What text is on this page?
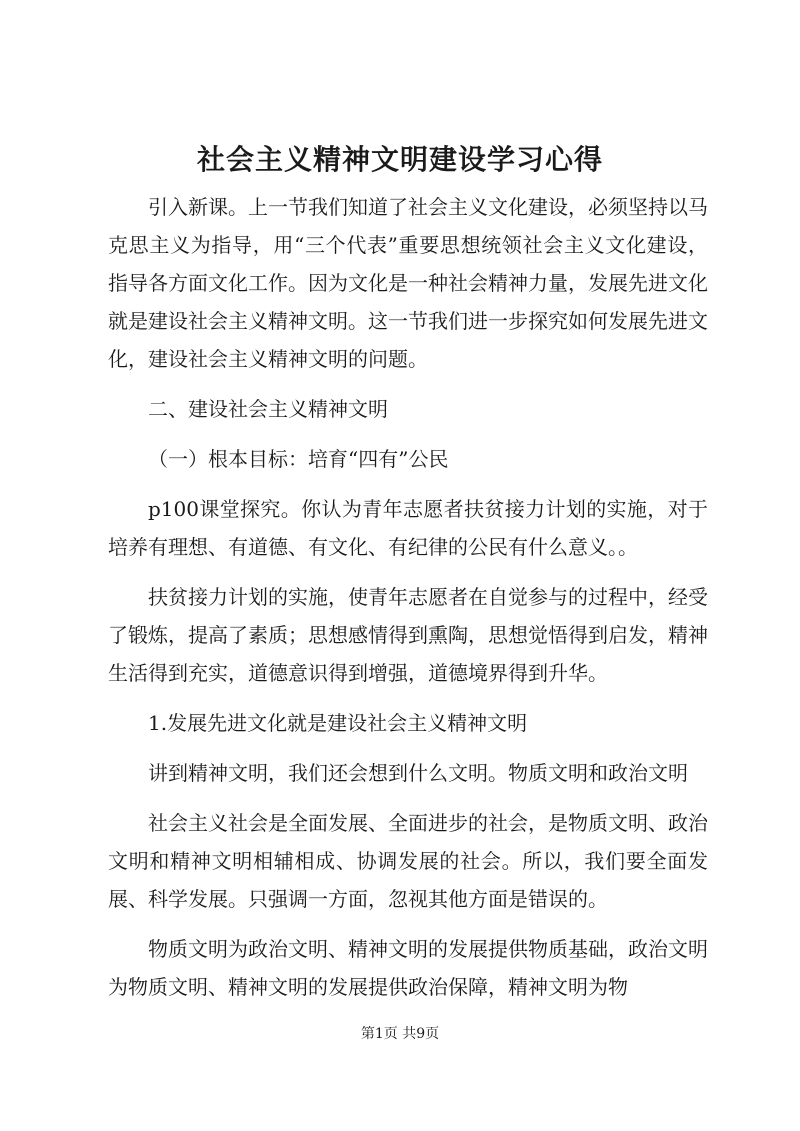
社会主义精神文明建设学习心得

引入新课。上一节我们知道了社会主义文化建设，必须坚持以马克思主义为指导，用“三个代表”重要思想统领社会主义文化建设，指导各方面文化工作。因为文化是一种社会精神力量，发展先进文化就是建设社会主义精神文明。这一节我们进一步探究如何发展先进文化，建设社会主义精神文明的问题。

二、建设社会主义精神文明

（一）根本目标：培育“四有”公民

p100课堂探究。你认为青年志愿者扶贫接力计划的实施，对于培养有理想、有道德、有文化、有纪律的公民有什么意义。。

扶贫接力计划的实施，使青年志愿者在自觉参与的过程中，经受了锻炼，提高了素质；思想感情得到熏陶，思想觉悟得到启发，精神生活得到充实，道德意识得到增强，道德境界得到升华。

1.发展先进文化就是建设社会主义精神文明

讲到精神文明，我们还会想到什么文明。物质文明和政治文明

社会主义社会是全面发展、全面进步的社会，是物质文明、政治文明和精神文明相辅相成、协调发展的社会。所以，我们要全面发展、科学发展。只强调一方面，忽视其他方面是错误的。

物质文明为政治文明、精神文明的发展提供物质基础，政治文明为物质文明、精神文明的发展提供政治保障，精神文明为物

第1页 共9页
